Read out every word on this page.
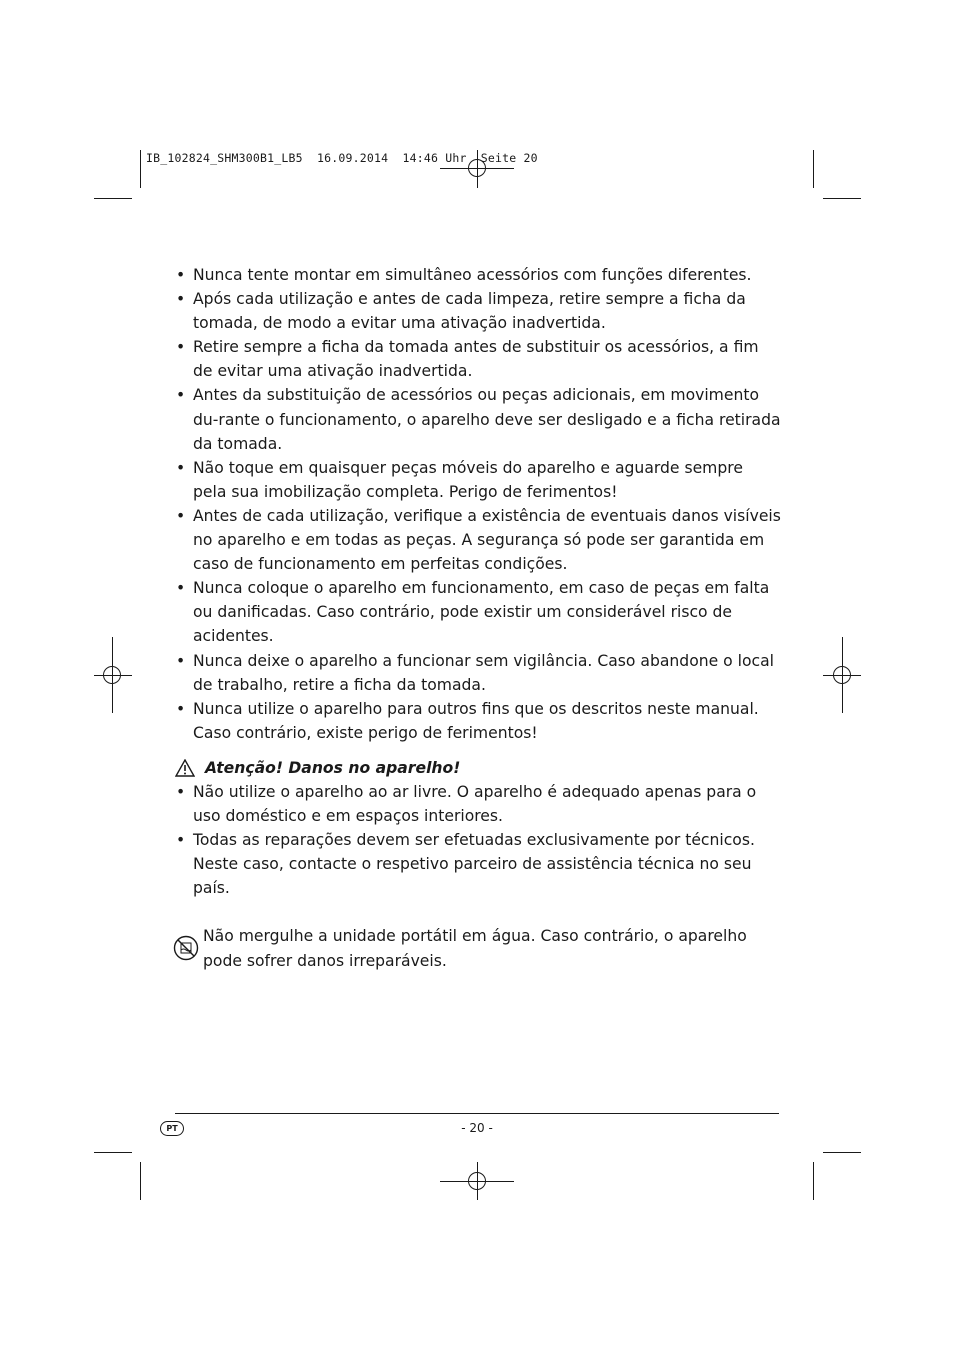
IB_102824_SHM300B1_LB5  16.09.2014  14:46 Uhr  Seite 20
• Nunca tente montar em simultâneo acessórios com funções diferentes.
• Após cada utilização e antes de cada limpeza, retire sempre a ficha da tomada, de modo a evitar uma ativação inadvertida.
• Retire sempre a ficha da tomada antes de substituir os acessórios, a fim de evitar uma ativação inadvertida.
• Antes da substituição de acessórios ou peças adicionais, em movimento du-rante o funcionamento, o aparelho deve ser desligado e a ficha retirada da tomada.
• Não toque em quaisquer peças móveis do aparelho e aguarde sempre pela sua imobilização completa. Perigo de ferimentos!
• Antes de cada utilização, verifique a existência de eventuais danos visíveis no aparelho e em todas as peças. A segurança só pode ser garantida em caso de funcionamento em perfeitas condições.
• Nunca coloque o aparelho em funcionamento, em caso de peças em falta ou danificadas. Caso contrário, pode existir um considerável risco de acidentes.
• Nunca deixe o aparelho a funcionar sem vigilância. Caso abandone o local de trabalho, retire a ficha da tomada.
• Nunca utilize o aparelho para outros fins que os descritos neste manual. Caso contrário, existe perigo de ferimentos!
Atenção! Danos no aparelho!
• Não utilize o aparelho ao ar livre. O aparelho é adequado apenas para o uso doméstico e em espaços interiores.
• Todas as reparações devem ser efetuadas exclusivamente por técnicos. Neste caso, contacte o respetivo parceiro de assistência técnica no seu país.
Não mergulhe a unidade portátil em água. Caso contrário, o aparelho pode sofrer danos irreparáveis.
PT	- 20 -
